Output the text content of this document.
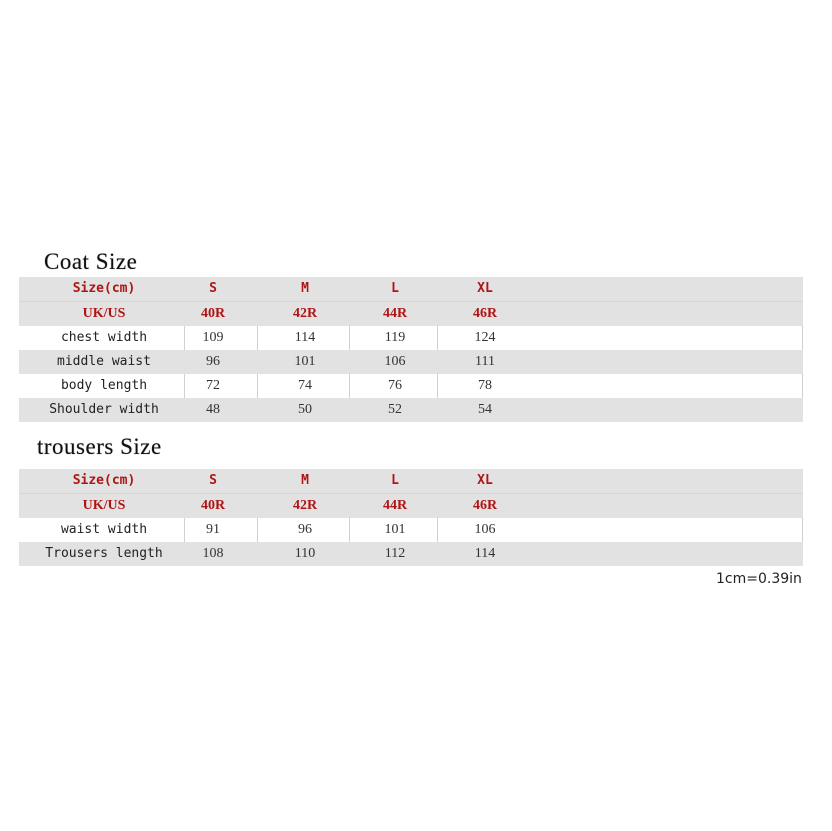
Coat Size
Size(cm)	S	M	L	XL
UK/US	40R	42R	44R	46R
chest width	109	114	119	124
middle waist	96	101	106	111
body length	72	74	76	78
Shoulder width	48	50	52	54
trousers Size
Size(cm)	S	M	L	XL
UK/US	40R	42R	44R	46R
waist width	91	96	101	106
Trousers length	108	110	112	114
1cm=0.39in
